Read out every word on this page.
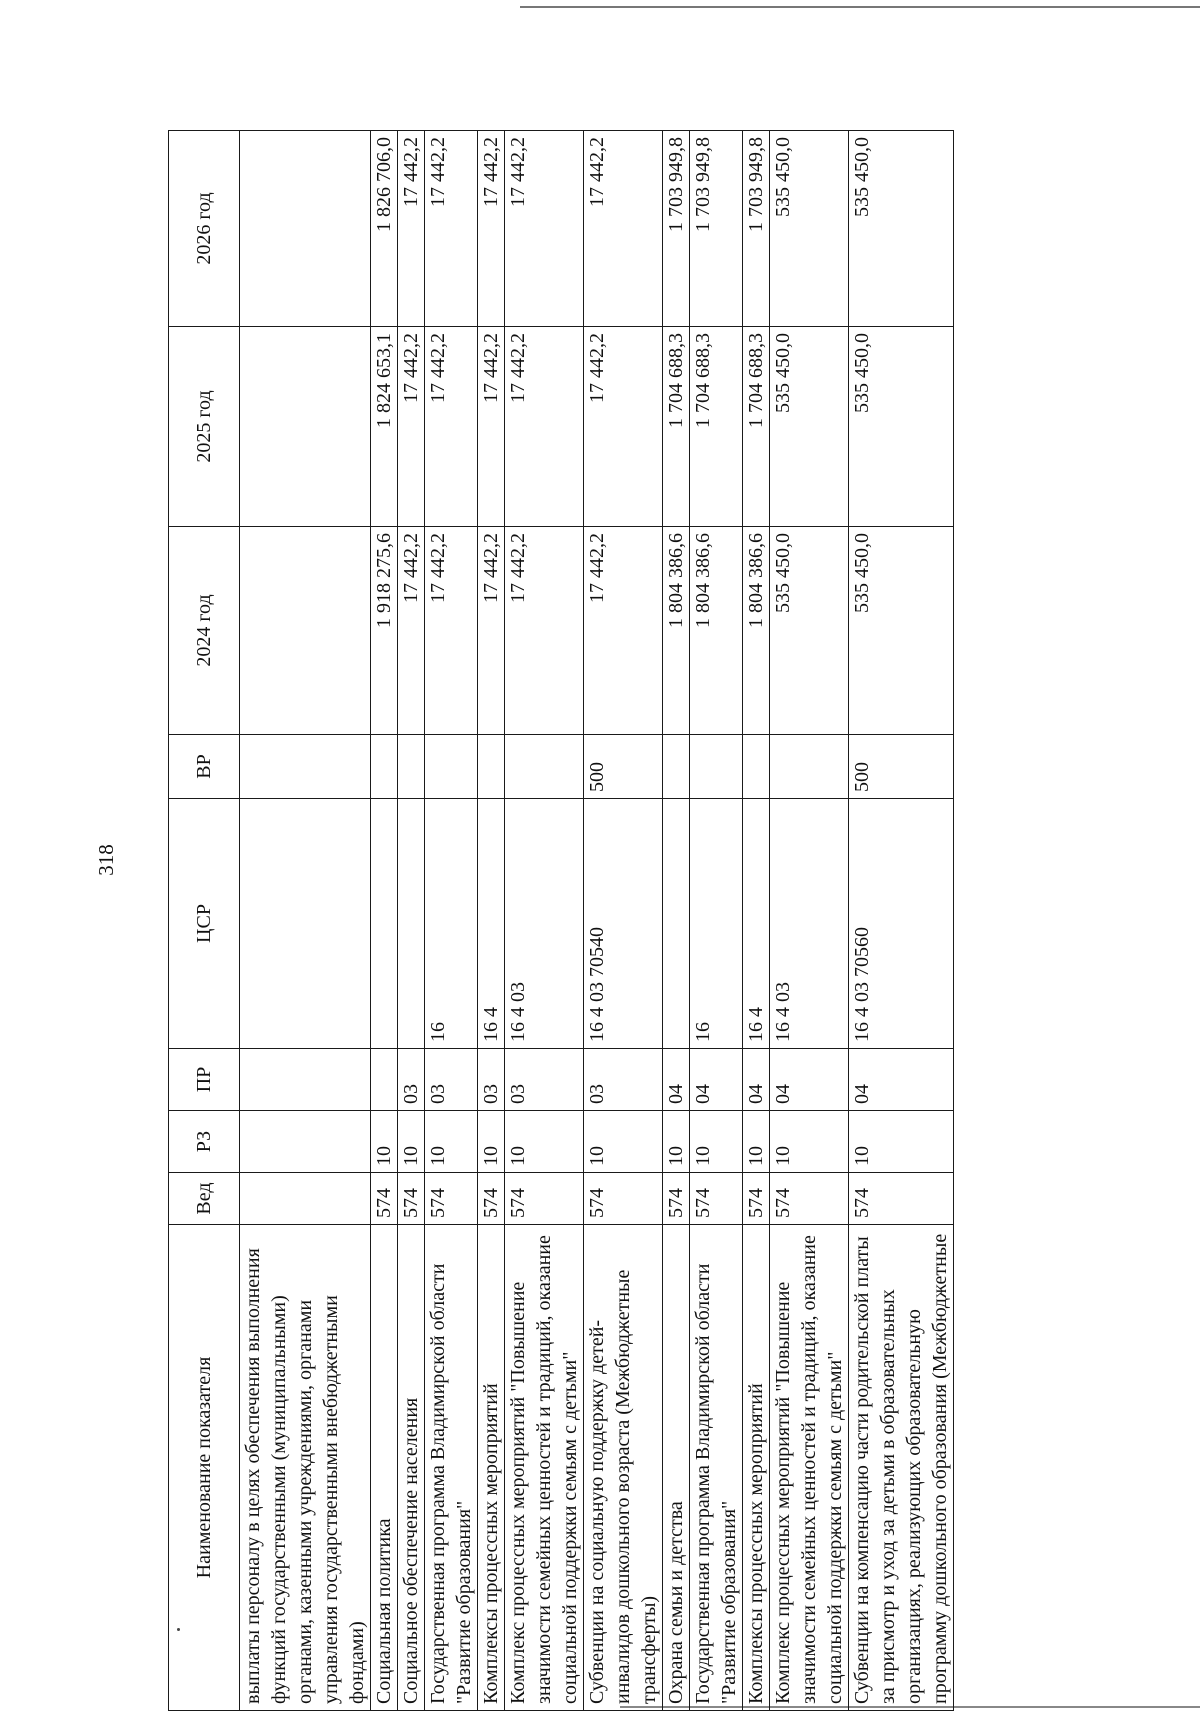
318
Наименование показателя	Вед	РЗ	ПР	ЦСР	ВР	2024 год	2025 год	2026 год
выплаты персоналу в целях обеспечения выполнения функций государственными (муниципальными) органами, казенными учреждениями, органами управления государственными внебюджетными фондами)								
Социальная политика	574	10				1 918 275,6	1 824 653,1	1 826 706,0
Социальное обеспечение населения	574	10	03			17 442,2	17 442,2	17 442,2
Государственная программа Владимирской области "Развитие образования"	574	10	03	16		17 442,2	17 442,2	17 442,2
Комплексы процессных мероприятий	574	10	03	16 4		17 442,2	17 442,2	17 442,2
Комплекс процессных мероприятий "Повышение значимости семейных ценностей и традиций, оказание социальной поддержки семьям с детьми"	574	10	03	16 4 03		17 442,2	17 442,2	17 442,2
Субвенции на социальную поддержку детей-инвалидов дошкольного возраста (Межбюджетные трансферты)	574	10	03	16 4 03 70540	500	17 442,2	17 442,2	17 442,2
Охрана семьи и детства	574	10	04			1 804 386,6	1 704 688,3	1 703 949,8
Государственная программа Владимирской области "Развитие образования"	574	10	04	16		1 804 386,6	1 704 688,3	1 703 949,8
Комплексы процессных мероприятий	574	10	04	16 4		1 804 386,6	1 704 688,3	1 703 949,8
Комплекс процессных мероприятий "Повышение значимости семейных ценностей и традиций, оказание социальной поддержки семьям с детьми"	574	10	04	16 4 03		535 450,0	535 450,0	535 450,0
Субвенции на компенсацию части родительской платы за присмотр и уход за детьми в образовательных организациях, реализующих образовательную программу дошкольного образования (Межбюджетные	574	10	04	16 4 03 70560	500	535 450,0	535 450,0	535 450,0
